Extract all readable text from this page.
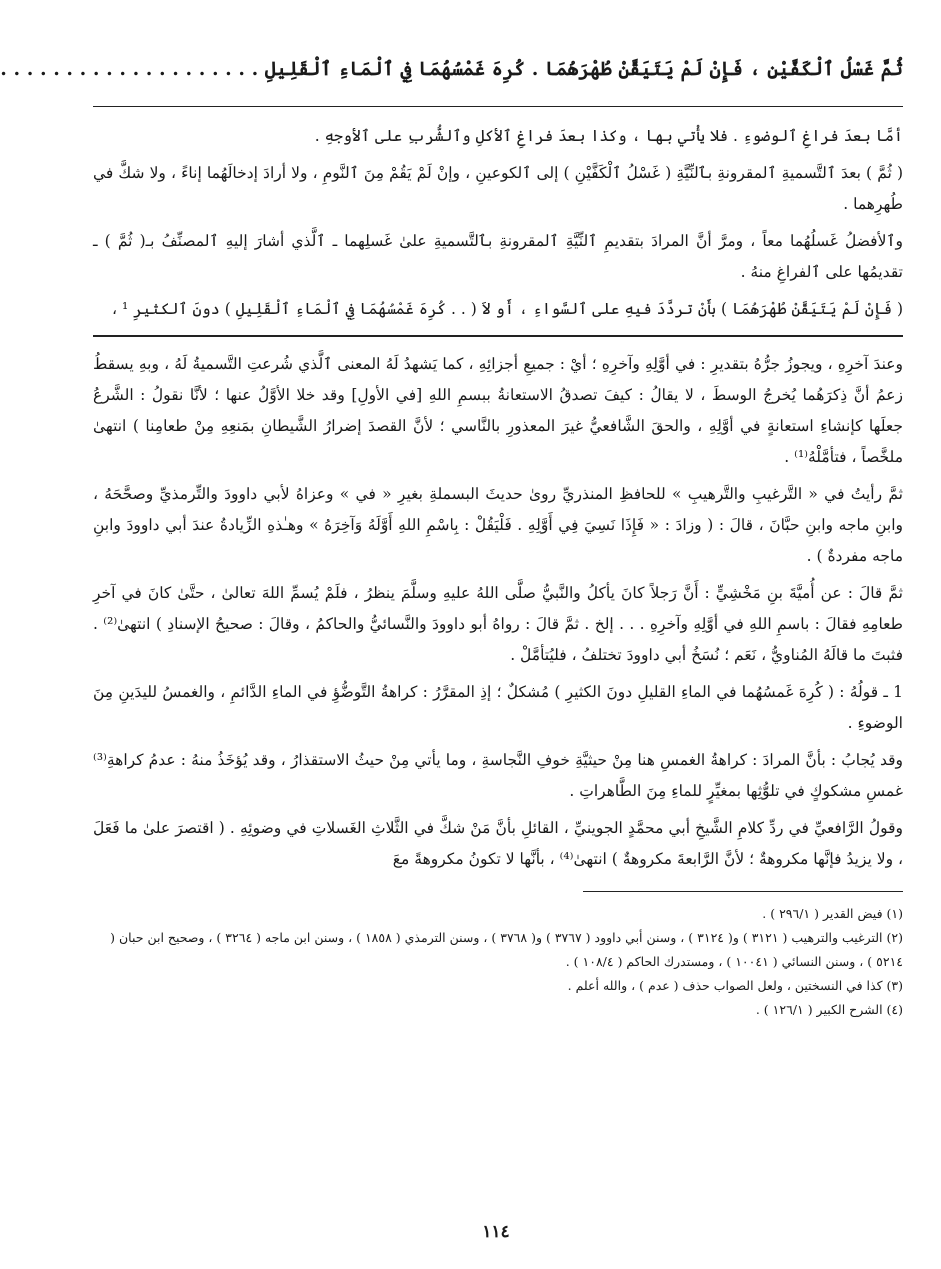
ثُمَّ غَسْلُ ٱلْكَفَّيْنِ ، فَإِنْ لَمْ يَتَيَقَّنْ طُهْرَهُمَا . كُرِهَ غَمْسُهُمَا فِي ٱلْمَاءِ ٱلْقَلِيلِ . . . . . . . . . . . . . . . . . . . .

أمَّا بعدَ فراغِ ٱلوضوءِ . فلا يأْتي بها ، وكذا بعدَ فراغِ ٱلأكلِ وٱلشُّربِ على ٱلأوجهِ .

( ثُمَّ ) بعدَ ٱلتَّسميةِ ٱلمقرونةِ بٱلنِّيَّةِ ( غَسْلُ ٱلْكَفَّيْنِ ) إلى ٱلكوعينِ ، وإنْ لَمْ يَقُمْ مِنَ ٱلنَّومِ ، ولا أرادَ إدخالَهُما إناءً ، ولا شكَّ في طُهرِهما .

وٱلأفضلُ غَسلُهُما معاً ، ومرَّ أنَّ المرادَ بتقديمِ ٱلنِّيَّةِ ٱلمقرونةِ بٱلتَّسميةِ علىٰ غَسلِهما ـ ٱلَّذي أشارَ إليهِ ٱلمصنِّفُ بـ( ثُمَّ ) ـ تقديمُها على ٱلفراغِ منهُ .

( فَإِنْ لَمْ يَتَيَقَّنْ طُهْرَهُمَا ) بأَنْ تردَّدَ فيهِ على ٱلسَّواءِ ، أَو لاَ ( . . كُرِهَ غَمْسُهُمَا فِي ٱلْمَاءِ ٱلْقَلِيلِ ) دونَ ٱلكثيرِ ¹ ،

وعندَ آخرِهِ ، ويجوزُ جرُّهُ بتقديرِ : في أوَّلِهِ وآخرِهِ ؛ أيْ : جميعِ أجزائِهِ ، كما يَشهدُ لَهُ المعنى ٱلَّذي شُرعتِ التَّسميةُ لَهُ ، وبهِ يسقطُ زعمُ أنَّ ذِكرَهُما يُخرجُ الوسطَ ، لا يقالُ : كيفَ تصدقُ الاستعانةُ ببسمِ اللهِ [في الأولِ] وقد خلا الأوَّلُ عنها ؛ لأنَّا نقولُ : الشَّرعُ جعلَها كإنشاءِ استعانةٍ في أوَّلِهِ ، والحقَ الشَّافعيُّ غيرَ المعذورِ بالنَّاسي ؛ لأنَّ القصدَ إضرارُ الشَّيطانِ بمَنعِهِ مِنْ طعامِنا ) انتهىٰ ملخَّصاً ، فتأمَّلْهُ⁽¹⁾ .

ثمَّ رأيتُ في « التَّرغيبِ والتَّرهيبِ » للحافظِ المنذريِّ روىٰ حديثَ البسملةِ بغيرِ « في » وعزاهُ لأبي داوودَ والتِّرمذيِّ وصحَّحَهُ ، وابنِ ماجه وابنِ حبَّانَ ، قالَ : ( وزادَ : « فَإِذَا نَسِيَ فِي أَوَّلِهِ . فَلْيَقُلْ : بِاسْمِ اللهِ أَوَّلَهُ وَآخِرَهُ » وهـٰذهِ الزِّيادةُ عندَ أبي داوودَ وابنِ ماجه مفردةٌ ) .

ثمَّ قالَ : عن أُميَّةَ بنِ مَخْشِيٍّ : أَنَّ رَجلاً كانَ يأكلُ والنَّبيُّ صلَّى اللهُ عليهِ وسلَّمَ ينظرُ ، فلَمْ يُسمِّ اللهَ تعالىٰ ، حتَّىٰ كانَ في آخرِ طعامِهِ فقالَ : باسمِ اللهِ في أوَّلِهِ وآخرِهِ . . . إلخ . ثمَّ قالَ : رواهُ أبو داوودَ والنَّسائيُّ والحاكمُ ، وقالَ : صحيحُ الإسنادِ ) انتهىٰ⁽²⁾ . فثبتَ ما قالَهُ المُناويُّ ، نَعَم ؛ نُسَخُ أبي داوودَ تختلفُ ، فليُتأمَّلْ .

1 ـ قولُهُ : ( كُرِهَ غَمسُهُما في الماءِ القليلِ دونَ الكثيرِ ) مُشكلٌ ؛ إذِ المقرَّرُ : كراهةُ التَّوضُّؤِ في الماءِ الدَّائمِ ، والغمسُ لليدَينِ مِنَ الوضوءِ .

وقد يُجابُ : بأنَّ المرادَ : كراهةُ الغمسِ هنا مِنْ حيثيَّةِ خوفِ النَّجاسةِ ، وما يأتي مِنْ حيثُ الاستقذارُ ، وقد يُؤخَذُ منهُ : عدمُ كراهةِ⁽³⁾ غمسِ مشكوكٍ في تلوُّثِها بمغيِّرٍ للماءِ مِنَ الطَّاهراتِ .

وقولُ الرَّافعيِّ في ردِّ كلامِ الشَّيخِ أبي محمَّدٍ الجوينيِّ ، القائلِ بأنَّ مَنْ شكَّ في الثَّلاثِ الغَسلاتِ في وضوئِهِ . ( اقتصرَ علىٰ ما فَعَلَ ، ولا يزيدُ فإنَّها مكروهةٌ ؛ لأنَّ الرَّابعةَ مكروهةٌ ) انتهىٰ⁽⁴⁾ ، بأنَّها لا تكونُ مكروهةً معَ

(١) فيض القدير ( ٢٩٦/١ ) .

(٢) الترغيب والترهيب ( ٣١٢١ ) و( ٣١٢٤ ) ، وسنن أبي داوود ( ٣٧٦٧ ) و( ٣٧٦٨ ) ، وسنن الترمذي ( ١٨٥٨ ) ، وسنن ابن ماجه ( ٣٢٦٤ ) ، وصحيح ابن حبان ( ٥٢١٤ ) ، وسنن النسائي ( ١٠٠٤١ ) ، ومستدرك الحاكم ( ١٠٨/٤ ) .

(٣) كذا في النسختين ، ولعل الصواب حذف ( عدم ) ، والله أعلم .

(٤) الشرح الكبير ( ١٢٦/١ ) .

١١٤
